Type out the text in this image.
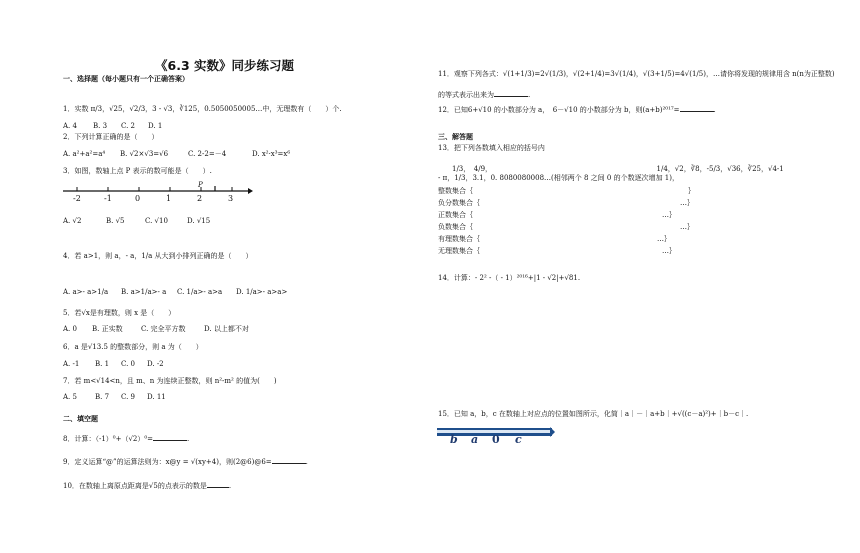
《6.3 实数》同步练习题
一、选择题（每小题只有一个正确答案）
1．实数 π/3，√25，√2/3，3 - √3，∛125，0.5050050005…中，无理数有（　　）个.
A. 4 B. 3 C. 2 D. 1
2．下列计算正确的是（　　）
A. a²+a²=a⁴ B. √2×√3=√6	C. 2-2=－4	D. x²·x³=x⁶
3．如图，数轴上点 P 表示的数可能是（　　）.
-2	-1	0	1	2	3
P
A. √2	B. √5	C. √10	D. √15
4．若 a>1，则 a，- a，1/a 从大到小排列正确的是（　　）
A. a>- a>1/a B. a>1/a>- a C. 1/a>- a>a D. 1/a>- a>a>
5．若√x是有理数，则 x 是（　　）
A. 0 B. 正实数	C. 完全平方数	D. 以上都不对
6．a 是√13.5 的整数部分，则 a 为（　　）
A. -1 B. 1 C. 0 D. -2
7．若 m<√14<n，且 m、n 为连续正整数，则 n²-m² 的值为(　　)
A. 5	B. 7 C. 9 D. 11
二、填空题
8．计算：（-1）⁰+（√2）⁰=	.
9．定义运算“@”的运算法则为：x@y = √(xy+4)，则(2@6)@6=	.
10．在数轴上离原点距离是√5的点表示的数是	.
11．观察下列各式：√(1+1/3)=2√(1/3)，√(2+1/4)=3√(1/4)，√(3+1/5)=4√(1/5)，…请你将发现的规律用含 n(n为正整数)
的等式表示出来为	.
12．已知6+√10 的小数部分为 a，　6－√10 的小数部分为 b，则(a+b)²⁰¹⁷=	.
三、解答题
13．把下列各数填入相应的括号内
1/3，　4/9，　　　　　　　　　　　　　　　　　　　　　　　　1/4，√2，∛8，-5/3，√36，∛25，√4-1
- π，1/3，3.1，0. 8080080008…(相邻两个 8 之间 0 的个数逐次增加 1)，
整数集合｛	｝
负分数集合｛	…｝
正数集合｛	…｝
负数集合｛	…｝
有理数集合｛	…｝
无理数集合｛	…｝
14．计算：- 2² -（ - 1）²⁰¹⁶+|1 - √2|+√81.
15．已知 a，b，c 在数轴上对应点的位置如图所示，化简｜a｜－｜a+b｜+√((c－a)²)+｜b－c｜.
b a 0 c
